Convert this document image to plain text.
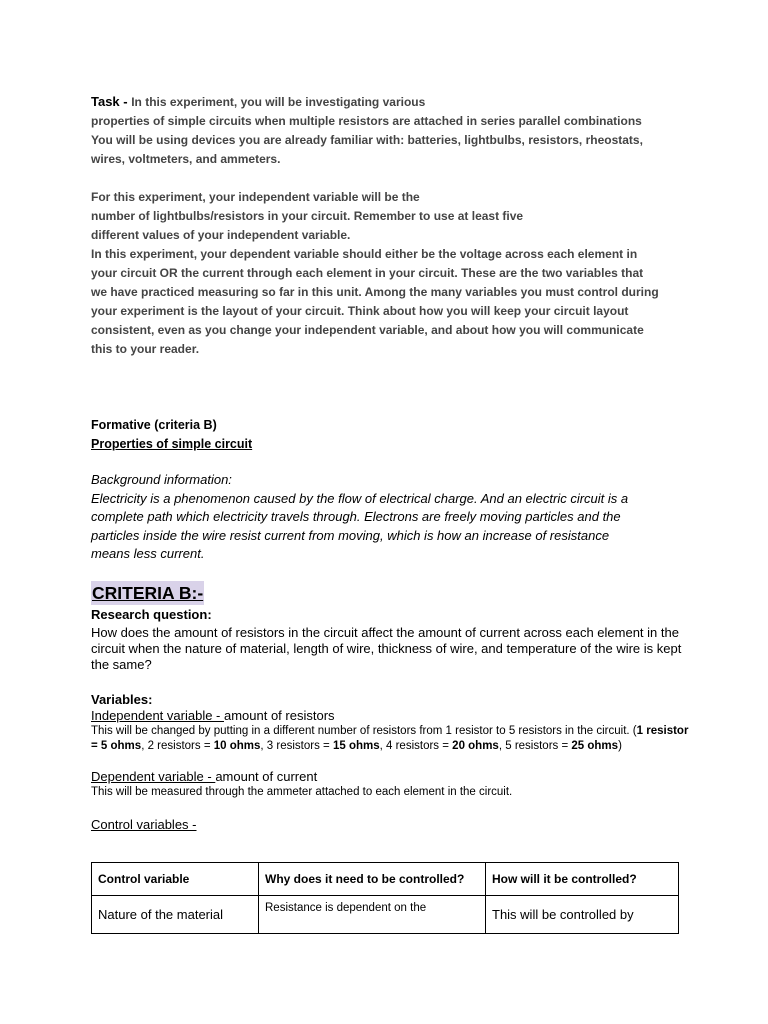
Task - In this experiment, you will be investigating various

properties of simple circuits when multiple resistors are attached in series parallel combinations

You will be using devices you are already familiar with: batteries, lightbulbs, resistors, rheostats,

wires, voltmeters, and ammeters.

For this experiment, your independent variable will be the

number of lightbulbs/resistors in your circuit. Remember to use at least five

different values of your independent variable.

In this experiment, your dependent variable should either be the voltage across each element in

your circuit OR the current through each element in your circuit. These are the two variables that

we have practiced measuring so far in this unit. Among the many variables you must control during

your experiment is the layout of your circuit. Think about how you will keep your circuit layout

consistent, even as you change your independent variable, and about how you will communicate

this to your reader.

Formative (criteria B)
Properties of simple circuit

Background information:

Electricity is a phenomenon caused by the flow of electrical charge. And an electric circuit is a

complete path which electricity travels through. Electrons are freely moving particles and the

particles inside the wire resist current from moving, which is how an increase of resistance

means less current.

CRITERIA B:-
Research question:
How does the amount of resistors in the circuit affect the amount of current across each element in the circuit when the nature of material, length of wire, thickness of wire, and temperature of the wire is kept the same?
Variables:
Independent variable - amount of resistors
This will be changed by putting in a different number of resistors from 1 resistor to 5 resistors in the circuit. (1 resistor = 5 ohms, 2 resistors = 10 ohms, 3 resistors = 15 ohms, 4 resistors = 20 ohms, 5 resistors = 25 ohms)
Dependent variable - amount of current
This will be measured through the ammeter attached to each element in the circuit.
Control variables -
Control variable	Why does it need to be controlled?	How will it be controlled?
Nature of the material	Resistance is dependent on the	This will be controlled by
